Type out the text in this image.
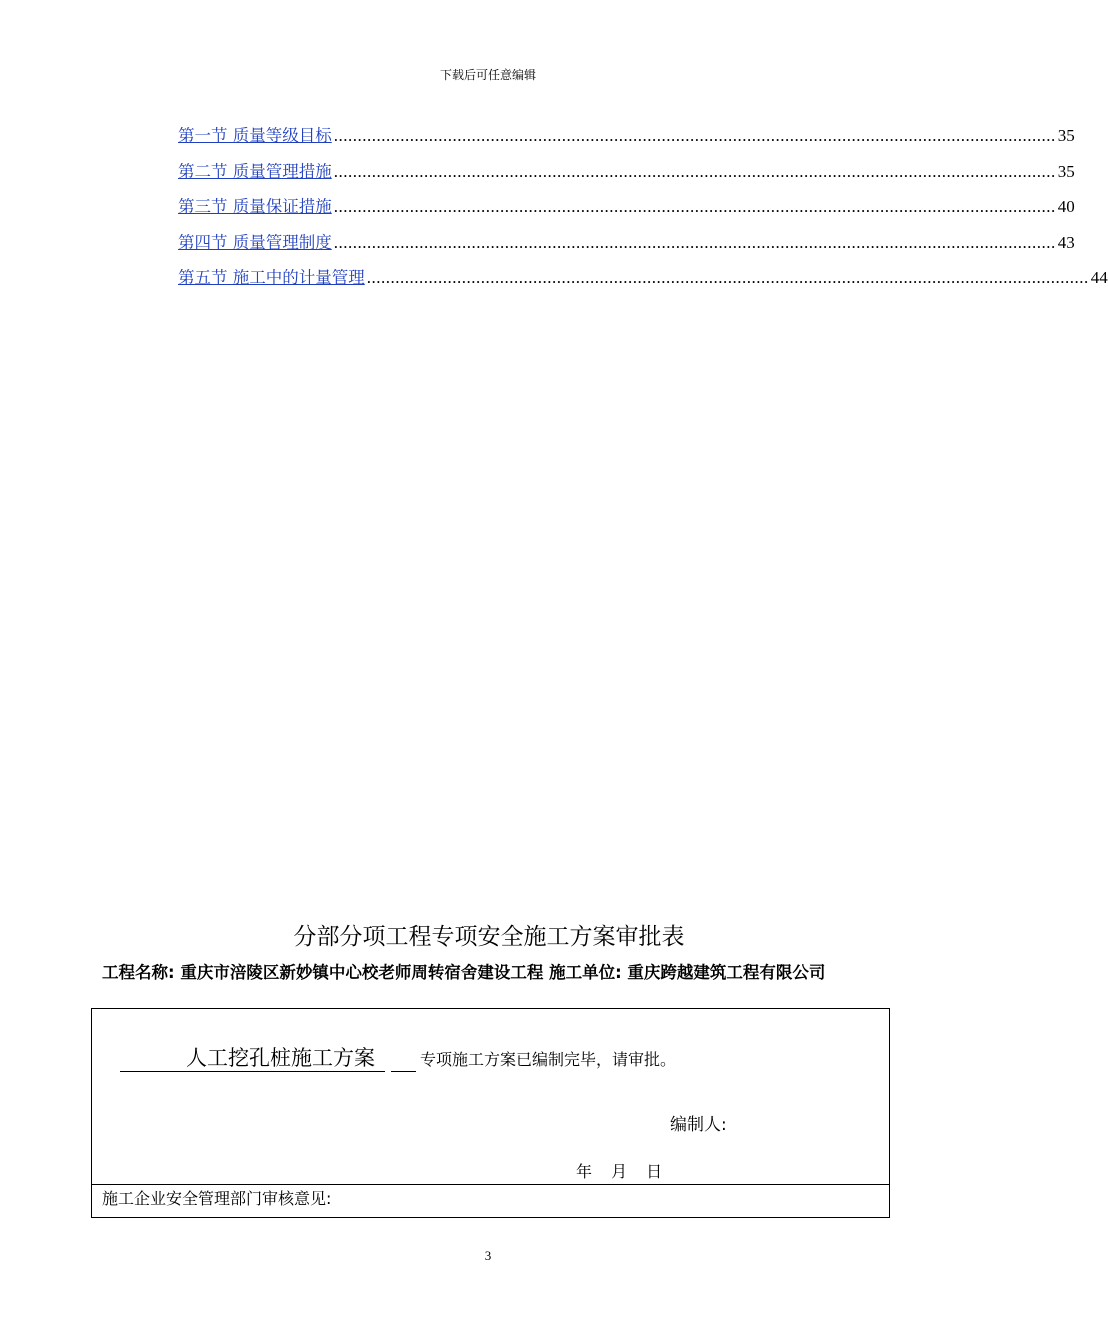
下载后可任意编辑
第一节 质量等级目标 ........................................................................................................................................................ 35
第二节 质量管理措施 ........................................................................................................................................................ 35
第三节 质量保证措施 ........................................................................................................................................................ 40
第四节 质量管理制度 ........................................................................................................................................................ 43
第五节 施工中的计量管理 ........................................................................................................................................................ 44
分部分项工程专项安全施工方案审批表
工程名称: 重庆市涪陵区新妙镇中心校老师周转宿舍建设工程 施工单位: 重庆跨越建筑工程有限公司
人工挖孔桩施工方案	专项施工方案已编制完毕，请审批。
编制人:
年 月 日
施工企业安全管理部门审核意见:
3
